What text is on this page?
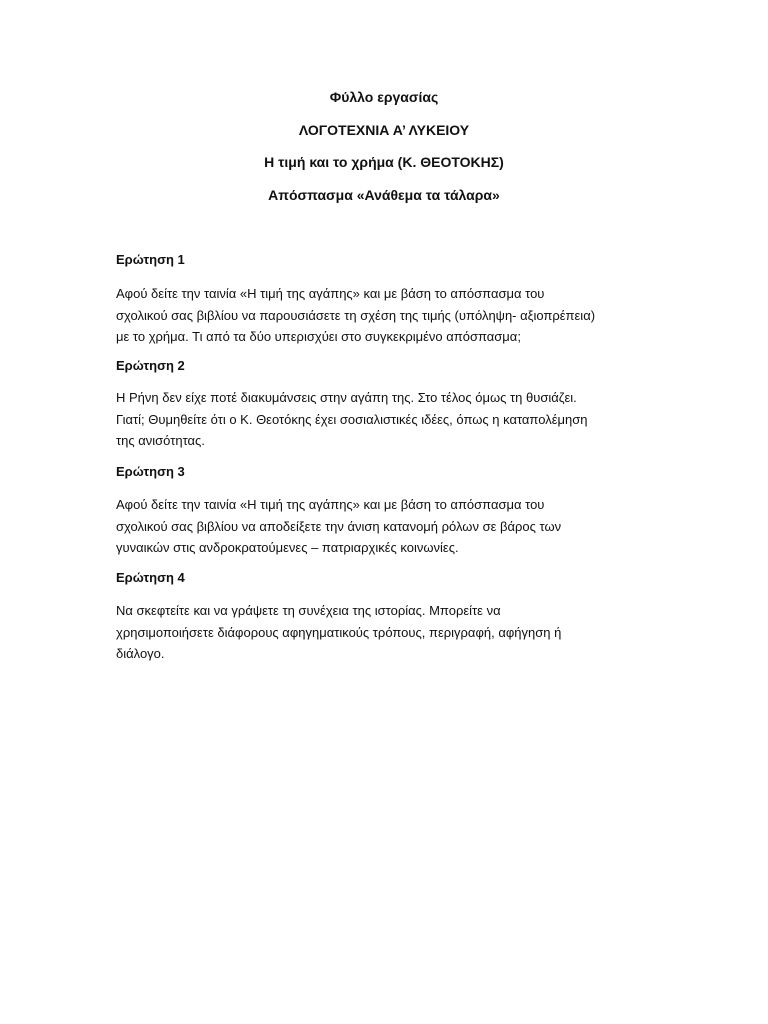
Φύλλο εργασίας
ΛΟΓΟΤΕΧΝΙΑ Α’ ΛΥΚΕΙΟΥ
Η τιμή και το χρήμα (Κ. ΘΕΟΤΟΚΗΣ)
Απόσπασμα «Ανάθεμα τα τάλαρα»
Ερώτηση 1
Αφού δείτε την ταινία «Η τιμή της αγάπης» και με βάση το απόσπασμα του
σχολικού σας βιβλίου να παρουσιάσετε τη σχέση της τιμής (υπόληψη- αξιοπρέπεια)
με το χρήμα. Τι από τα δύο υπερισχύει στο συγκεκριμένο απόσπασμα;
Ερώτηση 2
Η Ρήνη δεν είχε ποτέ διακυμάνσεις στην αγάπη της. Στο τέλος όμως τη θυσιάζει.
Γιατί; Θυμηθείτε ότι ο Κ. Θεοτόκης έχει σοσιαλιστικές ιδέες, όπως η καταπολέμηση
της ανισότητας.
Ερώτηση 3
Αφού δείτε την ταινία «Η τιμή της αγάπης» και με βάση το απόσπασμα του
σχολικού σας βιβλίου να αποδείξετε την άνιση κατανομή ρόλων σε βάρος των
γυναικών στις ανδροκρατούμενες – πατριαρχικές κοινωνίες.
Ερώτηση 4
Να σκεφτείτε και να γράψετε τη συνέχεια της ιστορίας. Μπορείτε να
χρησιμοποιήσετε διάφορους αφηγηματικούς τρόπους, περιγραφή, αφήγηση ή
διάλογο.
